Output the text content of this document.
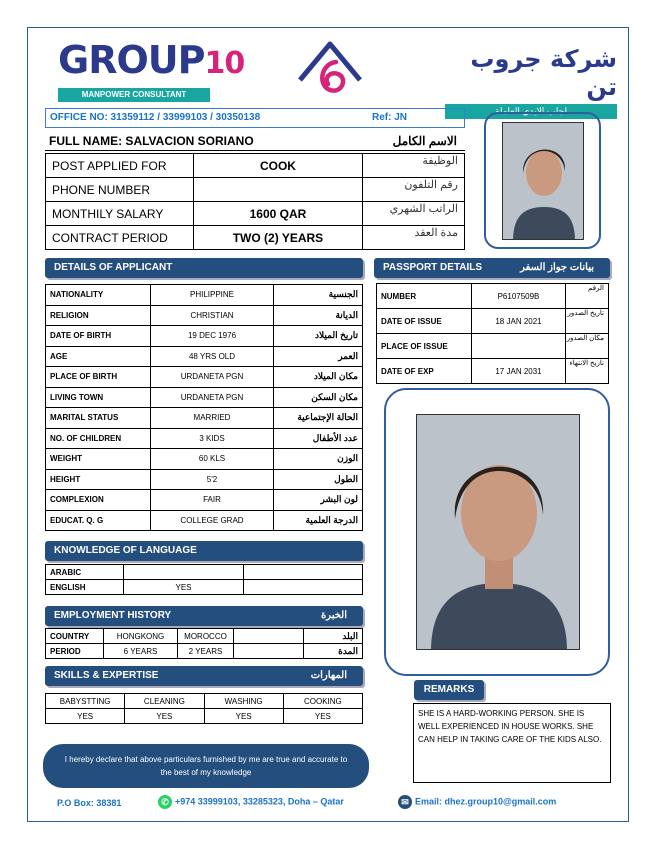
GROUP10
MANPOWER CONSULTANT
شركة جروب تن
لجلب الايدي العاملة
OFFICE NO: 31359112 / 33999103 / 30350138	Ref: JN
FULL NAME: SALVACION SORIANO	الاسم الكامل
POST APPLIED FOR	COOK	الوظيفة
PHONE NUMBER		رقم التلفون
MONTHILY SALARY	1600 QAR	الراتب الشهري
CONTRACT PERIOD	TWO (2) YEARS	مدة العقد
DETAILS OF APPLICANT
NATIONALITY	PHILIPPINE	الجنسية
RELIGION	CHRISTIAN	الديانة
DATE OF BIRTH	19 DEC 1976	تاريخ الميلاد
AGE	48 YRS OLD	العمر
PLACE OF BIRTH	URDANETA PGN	مكان الميلاد
LIVING TOWN	URDANETA PGN	مكان السكن
MARITAL STATUS	MARRIED	الحالة الإجتماعية
NO. OF CHILDREN	3 KIDS	عدد الأطفال
WEIGHT	60 KLS	الوزن
HEIGHT	5'2	الطول
COMPLEXION	FAIR	لون البشر
EDUCAT. Q. G	COLLEGE GRAD	الدرجة العلمية
PASSPORT DETAILS	بيانات جواز السفر
NUMBER	P6107509B	الرقم
DATE OF ISSUE	18 JAN 2021	تاريخ الصدور
PLACE OF ISSUE		مكان الصدور
DATE OF EXP	17 JAN 2031	تاريخ الانتهاء
KNOWLEDGE OF LANGUAGE
ARABIC		
ENGLISH	YES	
EMPLOYMENT HISTORY	الخبرة
COUNTRY	HONGKONG	MOROCCO		البلد
PERIOD	6 YEARS	2 YEARS		المدة
SKILLS & EXPERTISE	المهارات
BABYSTTING	CLEANING	WASHING	COOKING
YES	YES	YES	YES
REMARKS
SHE IS A HARD-WORKING PERSON. SHE IS WELL EXPERIENCED IN HOUSE WORKS. SHE CAN HELP IN TAKING CARE OF THE KIDS ALSO.
I hereby declare that above particulars furnished by me are true and accurate to the best of my knowledge
P.O Box: 38381	✆ +974 33999103, 33285323, Doha – Qatar	✉ Email: dhez.group10@gmail.com
